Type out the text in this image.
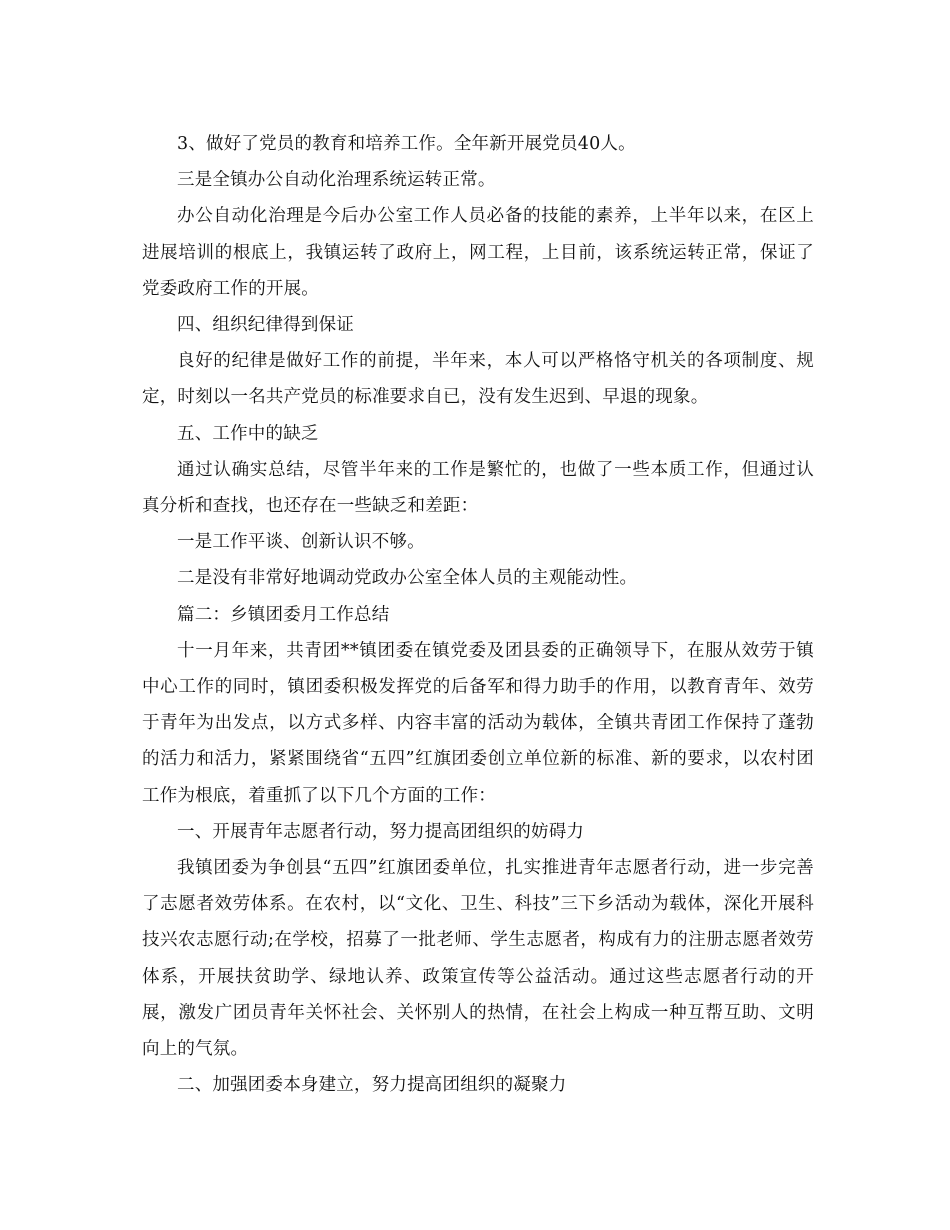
3、做好了党员的教育和培养工作。全年新开展党员40人。

三是全镇办公自动化治理系统运转正常。

办公自动化治理是今后办公室工作人员必备的技能的素养，上半年以来，在区上进展培训的根底上，我镇运转了政府上，网工程，上目前，该系统运转正常，保证了党委政府工作的开展。

四、组织纪律得到保证

良好的纪律是做好工作的前提，半年来，本人可以严格恪守机关的各项制度、规定，时刻以一名共产党员的标准要求自已，没有发生迟到、早退的现象。

五、工作中的缺乏

通过认确实总结，尽管半年来的工作是繁忙的，也做了一些本质工作，但通过认真分析和查找，也还存在一些缺乏和差距：

一是工作平谈、创新认识不够。

二是没有非常好地调动党政办公室全体人员的主观能动性。

篇二：乡镇团委月工作总结

十一月年来，共青团**镇团委在镇党委及团县委的正确领导下，在服从效劳于镇中心工作的同时，镇团委积极发挥党的后备军和得力助手的作用，以教育青年、效劳于青年为出发点，以方式多样、内容丰富的活动为载体，全镇共青团工作保持了蓬勃的活力和活力，紧紧围绕省“五四”红旗团委创立单位新的标准、新的要求，以农村团工作为根底，着重抓了以下几个方面的工作：

一、开展青年志愿者行动，努力提高团组织的妨碍力

我镇团委为争创县“五四”红旗团委单位，扎实推进青年志愿者行动，进一步完善了志愿者效劳体系。在农村，以“文化、卫生、科技”三下乡活动为载体，深化开展科技兴农志愿行动;在学校，招募了一批老师、学生志愿者，构成有力的注册志愿者效劳体系，开展扶贫助学、绿地认养、政策宣传等公益活动。通过这些志愿者行动的开展，激发广团员青年关怀社会、关怀别人的热情，在社会上构成一种互帮互助、文明向上的气氛。

二、加强团委本身建立，努力提高团组织的凝聚力
